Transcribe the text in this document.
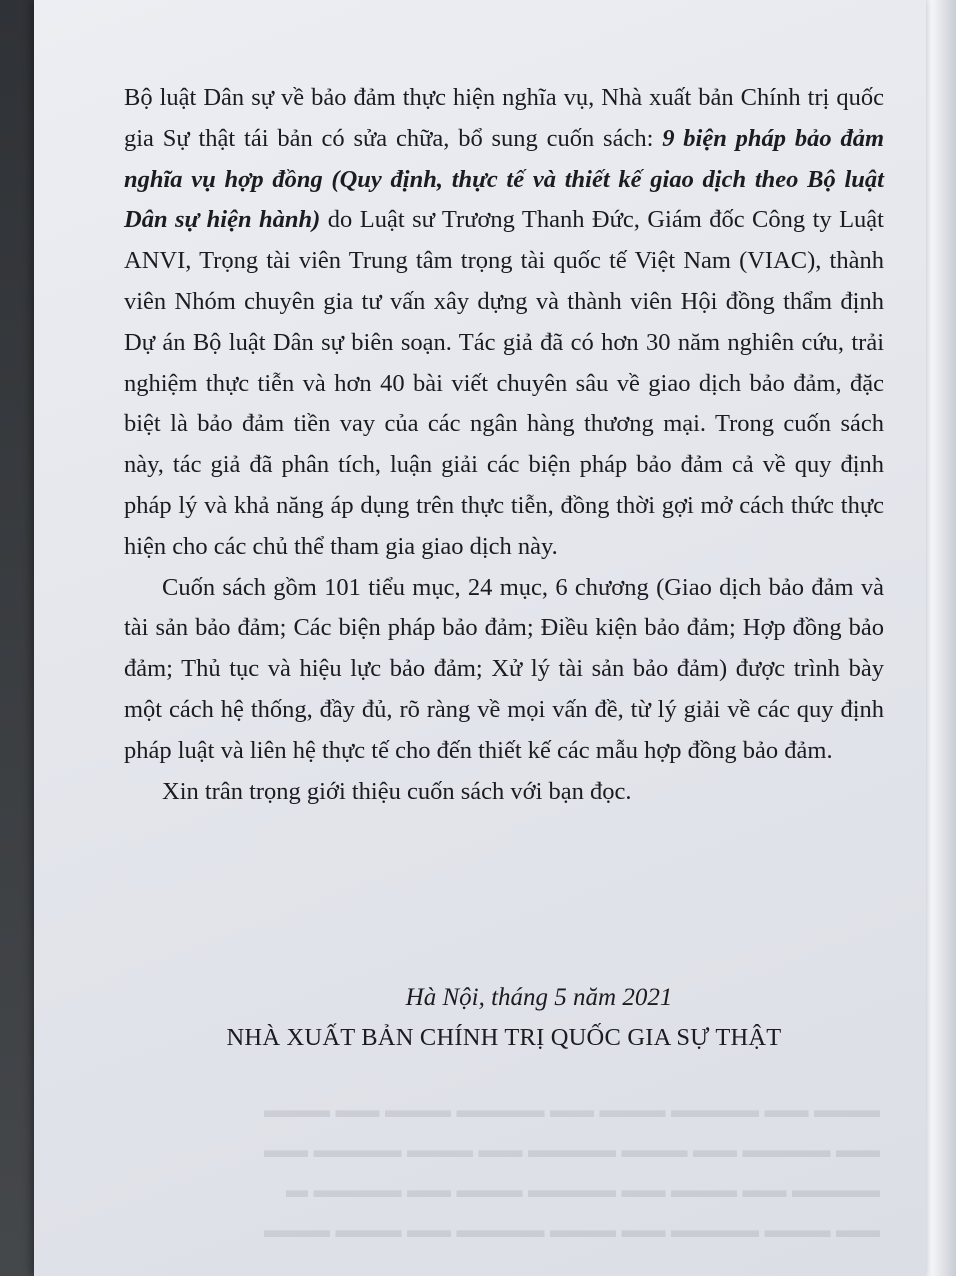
▬▬▬ ▬▬ ▬▬▬▬ ▬▬▬ ▬▬ ▬▬▬▬ ▬▬▬ ▬▬ ▬▬▬
▬▬ ▬▬▬▬ ▬▬ ▬▬▬ ▬▬▬▬ ▬▬ ▬▬▬ ▬▬▬▬ ▬▬
▬▬▬▬ ▬▬ ▬▬▬ ▬▬ ▬▬▬▬ ▬▬▬ ▬▬ ▬▬▬▬ ▬
▬▬ ▬▬▬ ▬▬▬▬ ▬▬ ▬▬▬ ▬▬▬▬ ▬▬ ▬▬▬ ▬▬▬

Bộ luật Dân sự về bảo đảm thực hiện nghĩa vụ, Nhà xuất bản Chính trị quốc gia Sự thật tái bản có sửa chữa, bổ sung cuốn sách: 9 biện pháp bảo đảm nghĩa vụ hợp đồng (Quy định, thực tế và thiết kế giao dịch theo Bộ luật Dân sự hiện hành) do Luật sư Trương Thanh Đức, Giám đốc Công ty Luật ANVI, Trọng tài viên Trung tâm trọng tài quốc tế Việt Nam (VIAC), thành viên Nhóm chuyên gia tư vấn xây dựng và thành viên Hội đồng thẩm định Dự án Bộ luật Dân sự biên soạn. Tác giả đã có hơn 30 năm nghiên cứu, trải nghiệm thực tiễn và hơn 40 bài viết chuyên sâu về giao dịch bảo đảm, đặc biệt là bảo đảm tiền vay của các ngân hàng thương mại. Trong cuốn sách này, tác giả đã phân tích, luận giải các biện pháp bảo đảm cả về quy định pháp lý và khả năng áp dụng trên thực tiễn, đồng thời gợi mở cách thức thực hiện cho các chủ thể tham gia giao dịch này.

Cuốn sách gồm 101 tiểu mục, 24 mục, 6 chương (Giao dịch bảo đảm và tài sản bảo đảm; Các biện pháp bảo đảm; Điều kiện bảo đảm; Hợp đồng bảo đảm; Thủ tục và hiệu lực bảo đảm; Xử lý tài sản bảo đảm) được trình bày một cách hệ thống, đầy đủ, rõ ràng về mọi vấn đề, từ lý giải về các quy định pháp luật và liên hệ thực tế cho đến thiết kế các mẫu hợp đồng bảo đảm.

Xin trân trọng giới thiệu cuốn sách với bạn đọc.

Hà Nội, tháng 5 năm 2021
NHÀ XUẤT BẢN CHÍNH TRỊ QUỐC GIA SỰ THẬT
